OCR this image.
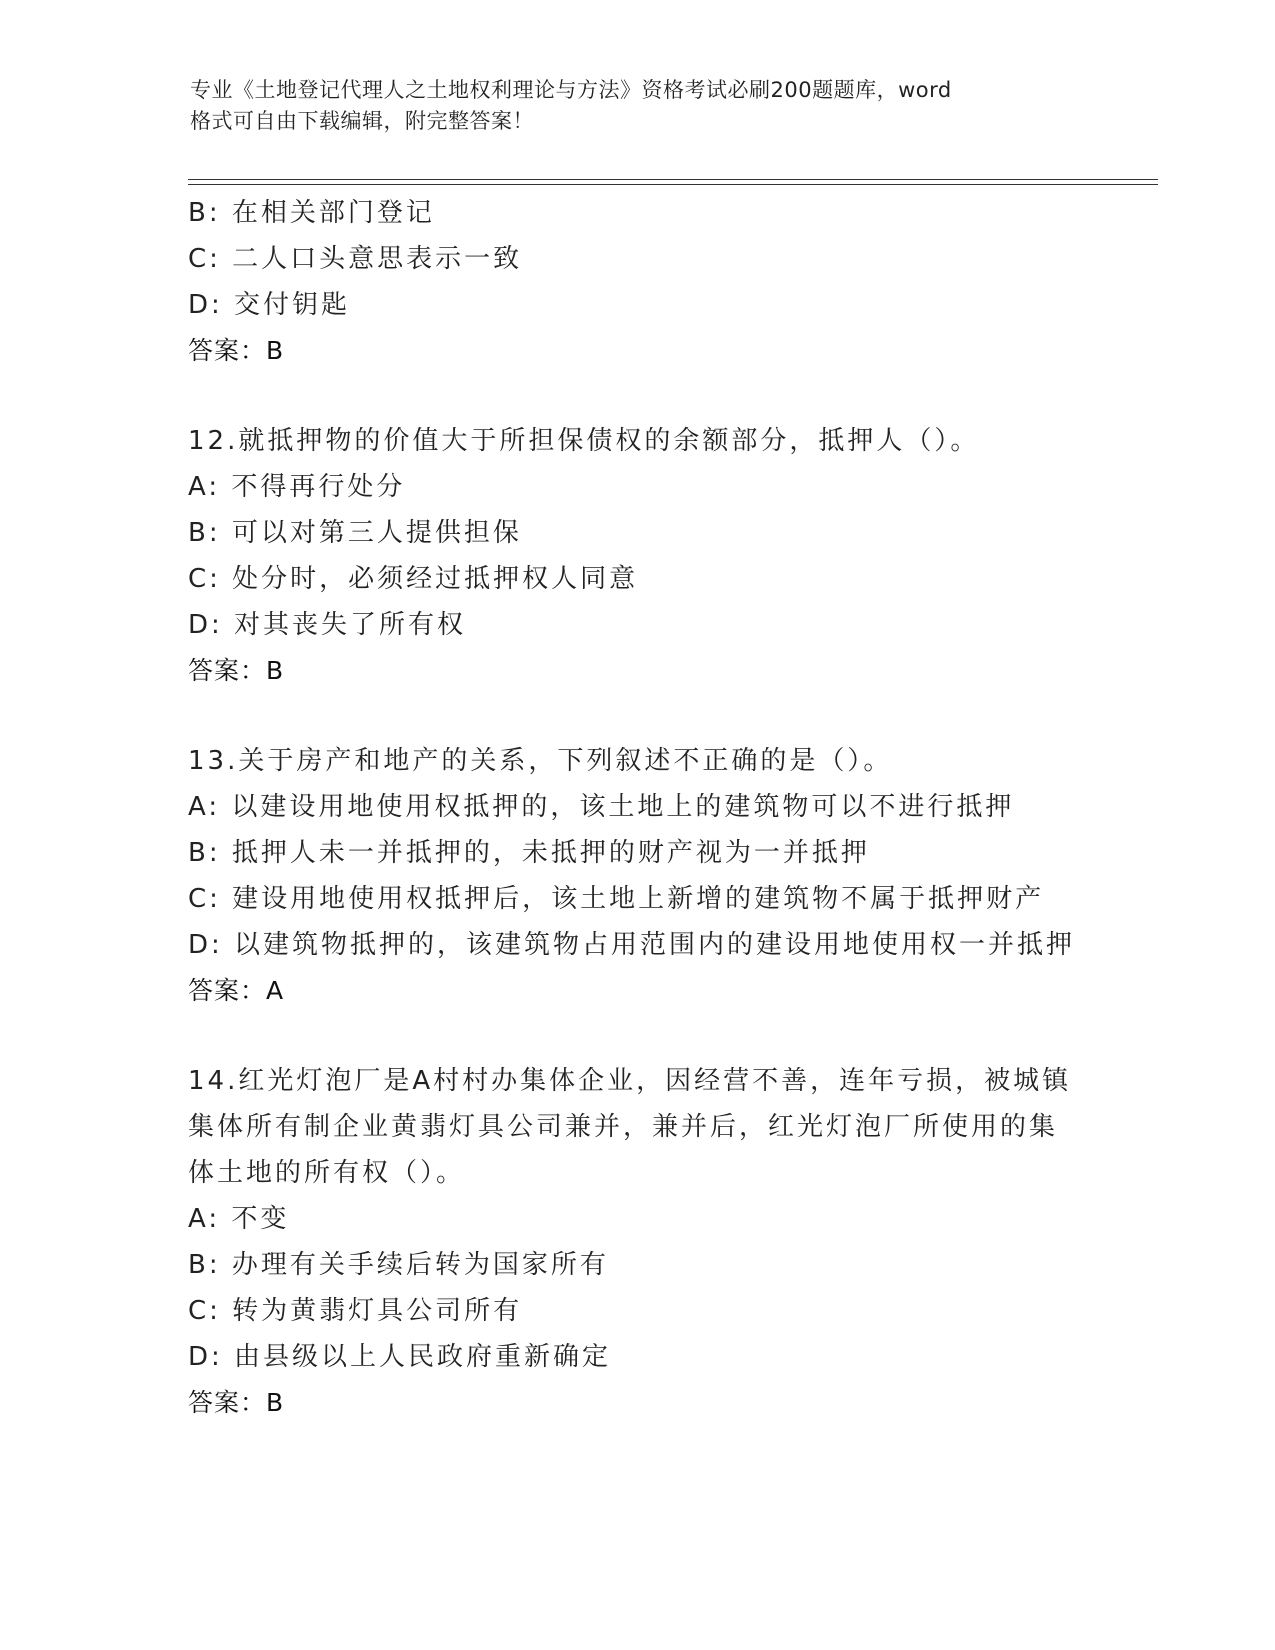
专业《土地登记代理人之土地权利理论与方法》资格考试必刷200题题库，word
格式可自由下载编辑，附完整答案！
B: 在相关部门登记
C: 二人口头意思表示一致
D: 交付钥匙
答案：B
12.就抵押物的价值大于所担保债权的余额部分，抵押人（）。
A: 不得再行处分
B: 可以对第三人提供担保
C: 处分时，必须经过抵押权人同意
D: 对其丧失了所有权
答案：B
13.关于房产和地产的关系，下列叙述不正确的是（）。
A: 以建设用地使用权抵押的，该土地上的建筑物可以不进行抵押
B: 抵押人未一并抵押的，未抵押的财产视为一并抵押
C: 建设用地使用权抵押后，该土地上新增的建筑物不属于抵押财产
D: 以建筑物抵押的，该建筑物占用范围内的建设用地使用权一并抵押
答案：A
14.红光灯泡厂是A村村办集体企业，因经营不善，连年亏损，被城镇
集体所有制企业黄翡灯具公司兼并，兼并后，红光灯泡厂所使用的集
体土地的所有权（）。
A: 不变
B: 办理有关手续后转为国家所有
C: 转为黄翡灯具公司所有
D: 由县级以上人民政府重新确定
答案：B
